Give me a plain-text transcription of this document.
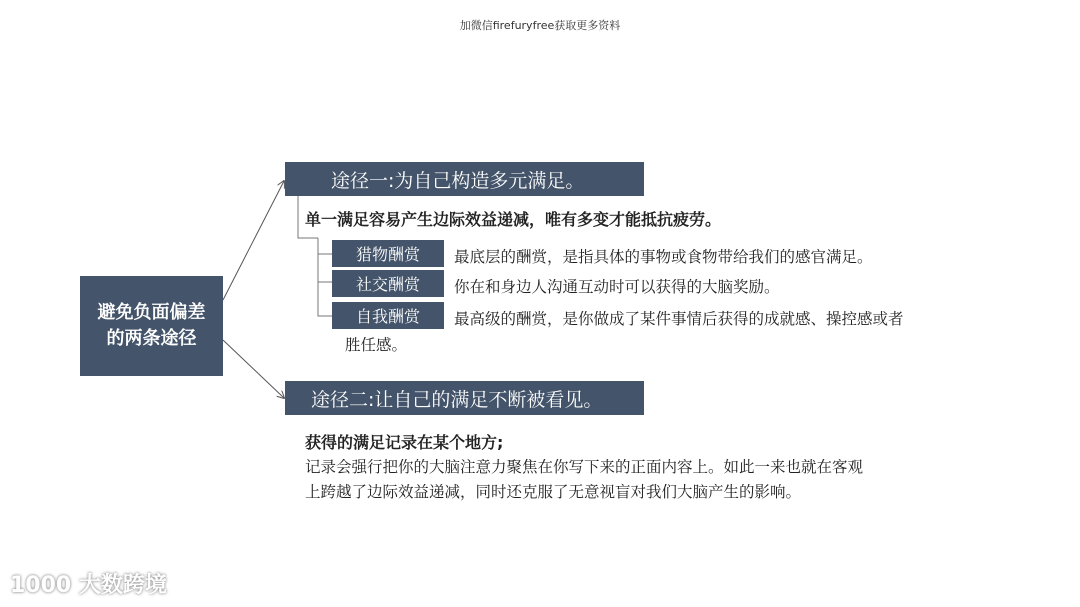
加微信firefuryfree获取更多资料
避免负面偏差
的两条途径
途径一:为自己构造多元满足。
单一满足容易产生边际效益递减，唯有多变才能抵抗疲劳。
猎物酬赏
社交酬赏
自我酬赏
最底层的酬赏，是指具体的事物或食物带给我们的感官满足。
你在和身边人沟通互动时可以获得的大脑奖励。
最高级的酬赏，是你做成了某件事情后获得的成就感、操控感或者
胜任感。
途径二:让自己的满足不断被看见。
获得的满足记录在某个地方;
记录会强行把你的大脑注意力聚焦在你写下来的正面内容上。如此一来也就在客观
上跨越了边际效益递减，同时还克服了无意视盲对我们大脑产生的影响。
1000 大数跨境
